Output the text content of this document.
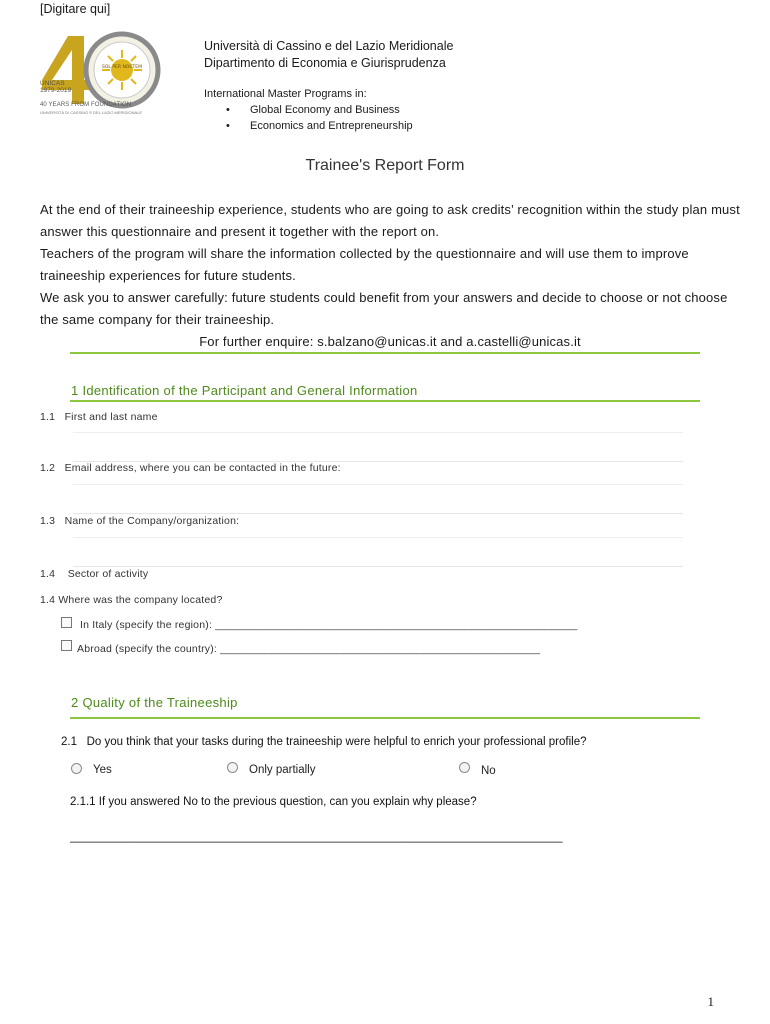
[Digitare qui]
SOL PER NOCTEM
UNICAS
1979-2019
40 YEARS FROM FOUNDATION
UNIVERSITÀ DI CASSINO E DEL LAZIO MERIDIONALE
Università di Cassino e del Lazio Meridionale
Dipartimento di Economia e Giurisprudenza
International Master Programs in:
• Global Economy and Business
• Economics and Entrepreneurship
Trainee's Report Form

At the end of their traineeship experience, students who are going to ask credits’ recognition within the study plan must answer this questionnaire and present it together with the report on.

Teachers of the program will share the information collected by the questionnaire and will use them to improve traineeship experiences for future students.

We ask you to answer carefully: future students could benefit from your answers and decide to choose or not choose the same company for their traineeship.

For further enquire: s.balzano@unicas.it and a.castelli@unicas.it

1 Identification of the Participant and General Information
1.1 First and last name
1.2 Email address, where you can be contacted in the future:
1.3 Name of the Company/organization:
1.4 Sector of activity
1.4 Where was the company located?
In Italy (specify the region): ____________________________________________________________
Abroad (specify the country): _____________________________________________________
2 Quality of the Traineeship
2.1 Do you think that your tasks during the traineeship were helpful to enrich your professional profile?
Yes	Only partially	No
2.1.1 If you answered No to the previous question, can you explain why please?
_____________________________________________________________________________
1
